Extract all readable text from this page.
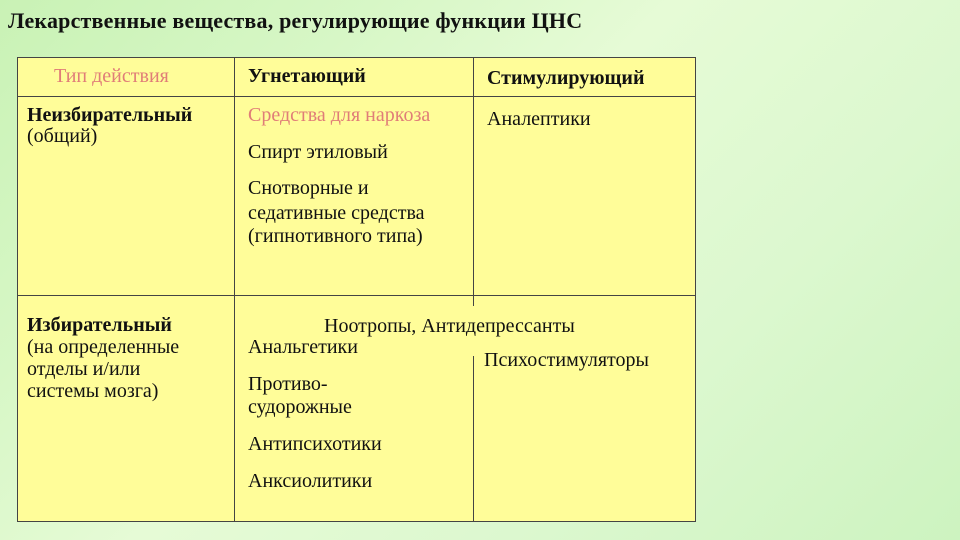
Лекарственные вещества, регулирующие функции ЦНС
Тип действия	Угнетающий	Стимулирующий
Неизбирательный
(общий)
Средства для наркоза
Спирт этиловый
Снотворные и
седативные средства
(гипнотивного типа)
Аналептики
Избирательный
(на определенные
отделы и/или
системы мозга)
Ноотропы, Антидепрессанты
Анальгетики
Противо-
судорожные
Антипсихотики
Анксиолитики
Психостимуляторы
